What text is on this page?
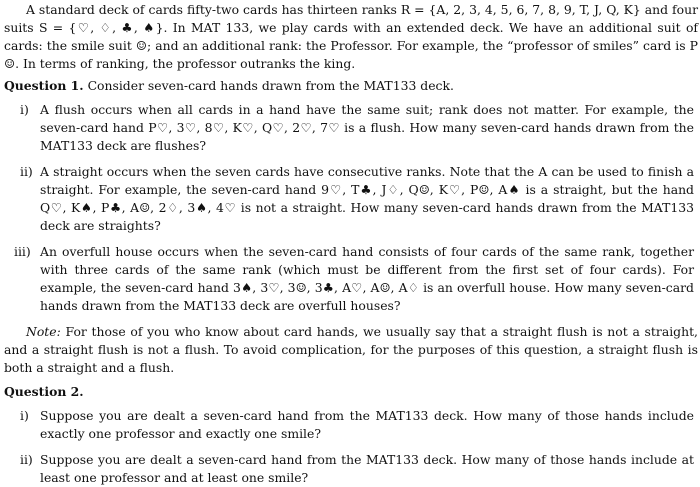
A standard deck of cards fifty-two cards has thirteen ranks R = {A, 2, 3, 4, 5, 6, 7, 8, 9, T, J, Q, K} and four suits S = {♡, ♢, ♣, ♠}. In MAT 133, we play cards with an extended deck. We have an additional suit of cards: the smile suit ☺; and an additional rank: the Professor. For example, the “professor of smiles” card is P☺. In terms of ranking, the professor outranks the king.

Question 1. Consider seven-card hands drawn from the MAT133 deck.

i) A flush occurs when all cards in a hand have the same suit; rank does not matter. For example, the seven-card hand P♡, 3♡, 8♡, K♡, Q♡, 2♡, 7♡ is a flush. How many seven-card hands drawn from the MAT133 deck are flushes?

ii) A straight occurs when the seven cards have consecutive ranks. Note that the A can be used to finish a straight. For example, the seven-card hand 9♡, T♣, J♢, Q☺, K♡, P☺, A♠ is a straight, but the hand Q♡, K♠, P♣, A☺, 2♢, 3♠, 4♡ is not a straight. How many seven-card hands drawn from the MAT133 deck are straights?

iii) An overfull house occurs when the seven-card hand consists of four cards of the same rank, together with three cards of the same rank (which must be different from the first set of four cards). For example, the seven-card hand 3♠, 3♡, 3☺, 3♣, A♡, A☺, A♢ is an overfull house. How many seven-card hands drawn from the MAT133 deck are overfull houses?

Note: For those of you who know about card hands, we usually say that a straight flush is not a straight, and a straight flush is not a flush. To avoid complication, for the purposes of this question, a straight flush is both a straight and a flush.

Question 2.

i) Suppose you are dealt a seven-card hand from the MAT133 deck. How many of those hands include exactly one professor and exactly one smile?

ii) Suppose you are dealt a seven-card hand from the MAT133 deck. How many of those hands include at least one professor and at least one smile?
